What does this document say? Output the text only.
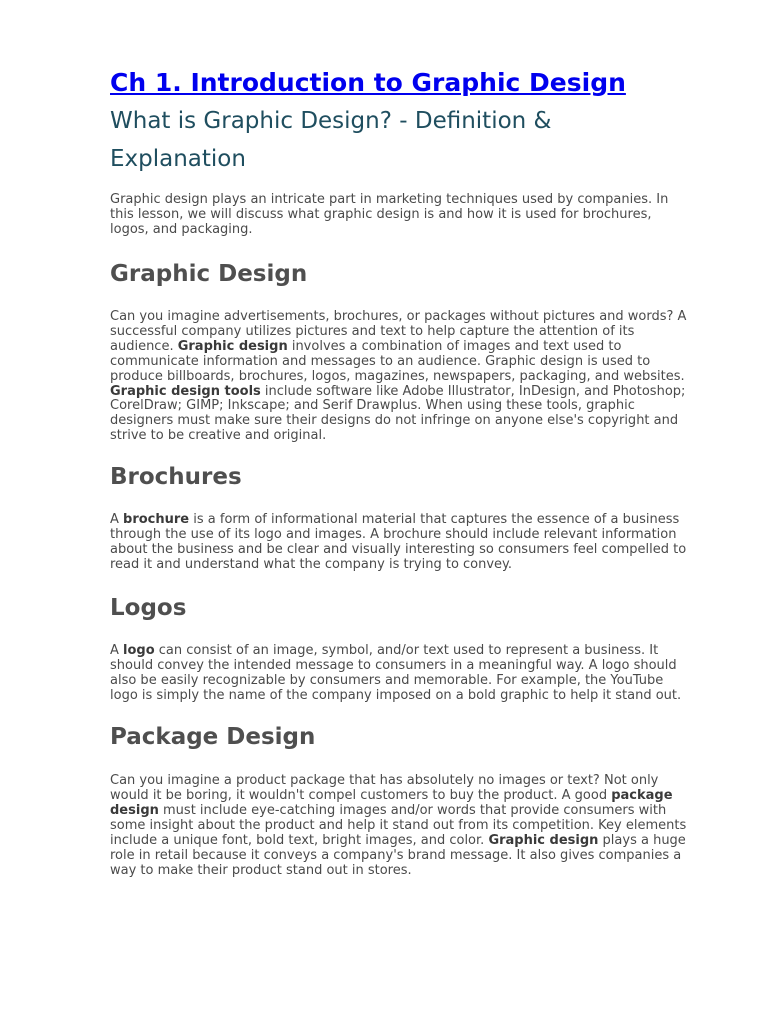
Ch 1. Introduction to Graphic Design
What is Graphic Design? - Definition & Explanation

Graphic design plays an intricate part in marketing techniques used by companies. In this lesson, we will discuss what graphic design is and how it is used for brochures, logos, and packaging.

Graphic Design

Can you imagine advertisements, brochures, or packages without pictures and words? A successful company utilizes pictures and text to help capture the attention of its audience. Graphic design involves a combination of images and text used to communicate information and messages to an audience. Graphic design is used to produce billboards, brochures, logos, magazines, newspapers, packaging, and websites. Graphic design tools include software like Adobe Illustrator, InDesign, and Photoshop; CorelDraw; GIMP; Inkscape; and Serif Drawplus. When using these tools, graphic designers must make sure their designs do not infringe on anyone else's copyright and strive to be creative and original.

Brochures

A brochure is a form of informational material that captures the essence of a business through the use of its logo and images. A brochure should include relevant information about the business and be clear and visually interesting so consumers feel compelled to read it and understand what the company is trying to convey.

Logos

A logo can consist of an image, symbol, and/or text used to represent a business. It should convey the intended message to consumers in a meaningful way. A logo should also be easily recognizable by consumers and memorable. For example, the YouTube logo is simply the name of the company imposed on a bold graphic to help it stand out.

Package Design

Can you imagine a product package that has absolutely no images or text? Not only would it be boring, it wouldn't compel customers to buy the product. A good package design must include eye-catching images and/or words that provide consumers with some insight about the product and help it stand out from its competition. Key elements include a unique font, bold text, bright images, and color. Graphic design plays a huge role in retail because it conveys a company's brand message. It also gives companies a way to make their product stand out in stores.
